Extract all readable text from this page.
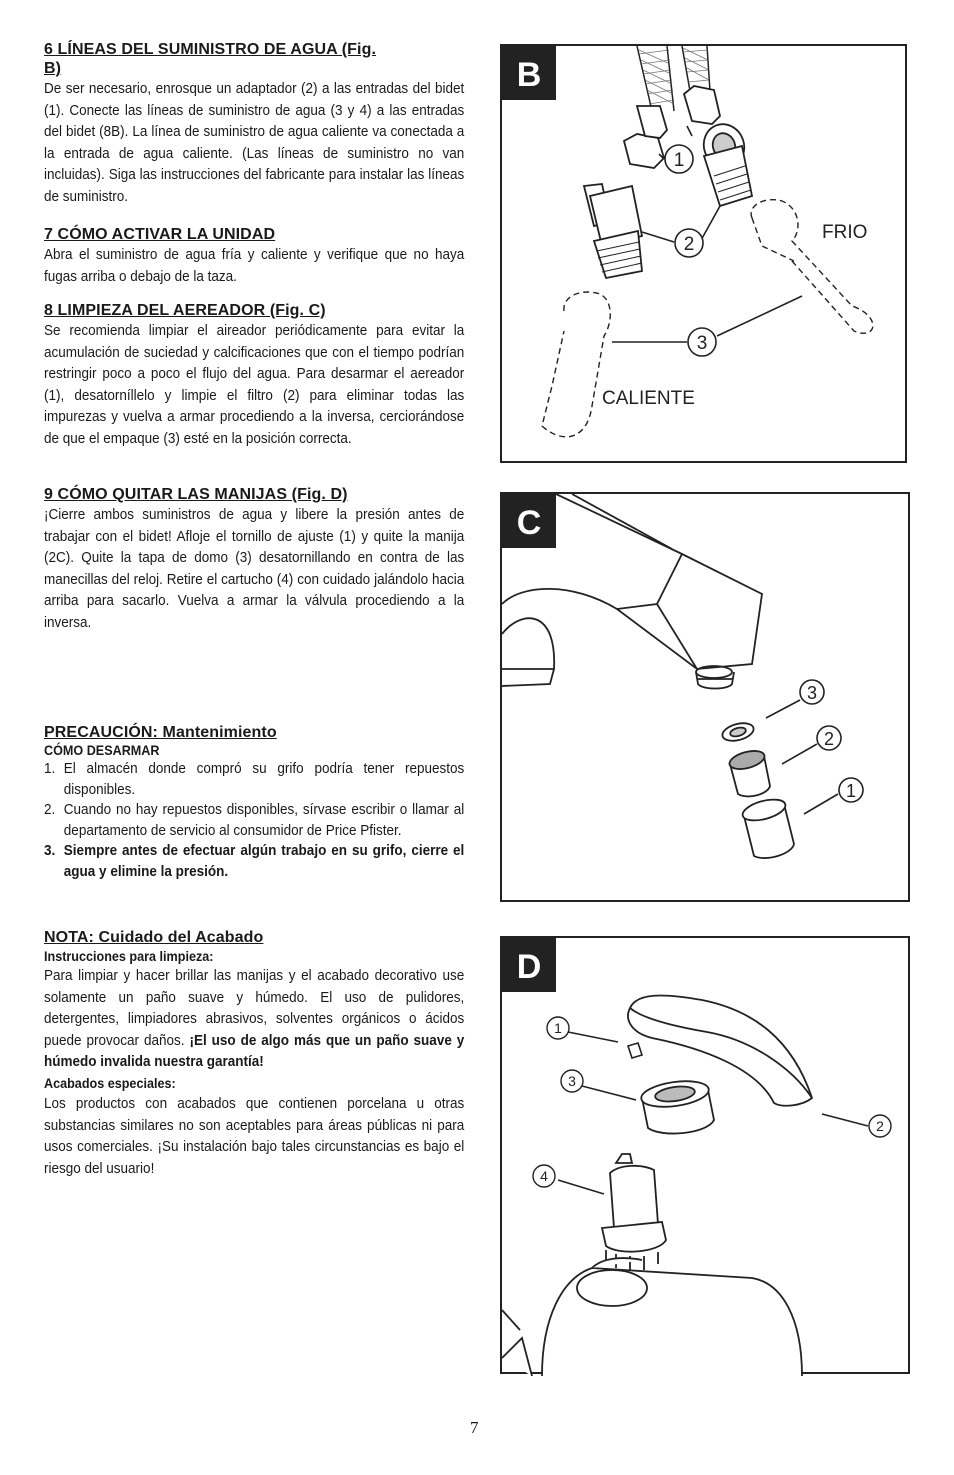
6 LÍNEAS DEL SUMINISTRO DE AGUA (Fig.
B)

De ser necesario, enrosque un adaptador (2) a las entradas del bidet (1). Conecte las líneas de suministro de agua (3 y 4) a las entradas del bidet (8B). La línea de suministro de agua caliente va conectada a la entrada de agua caliente. (Las líneas de suministro no van incluidas). Siga las instrucciones del fabricante para instalar las líneas de suministro.

7 CÓMO ACTIVAR LA UNIDAD

Abra el suministro de agua fría y caliente y verifique que no haya fugas arriba o debajo de la taza.

8 LIMPIEZA DEL AEREADOR (Fig. C)

Se recomienda limpiar el aireador periódicamente para evitar la acumulación de suciedad y calcificaciones que con el tiempo podrían restringir poco a poco el flujo del agua. Para desarmar el aereador (1), desatorníllelo y limpie el filtro (2) para eliminar todas las impurezas y vuelva a armar procediendo a la inversa, cerciorándose de que el empaque (3) esté en la posición correcta.

9 CÓMO QUITAR LAS MANIJAS (Fig. D)

¡Cierre ambos suministros de agua y libere la presión antes de trabajar con el bidet! Afloje el tornillo de ajuste (1) y quite la manija (2C). Quite la tapa de domo (3) desatornillando en contra de las manecillas del reloj. Retire el cartucho (4) con cuidado jalándolo hacia arriba para sacarlo. Vuelva a armar la válvula procediendo a la inversa.

PRECAUCIÓN: Mantenimiento

CÓMO DESARMAR

1. El almacén donde compró su grifo podría tener repuestos disponibles.
2. Cuando no hay repuestos disponibles, sírvase escribir o llamar al departamento de servicio al consumidor de Price Pfister.
3. Siempre antes de efectuar algún trabajo en su grifo, cierre el agua y elimine la presión.

NOTA: Cuidado del Acabado

Instrucciones para limpieza:

Para limpiar y hacer brillar las manijas y el acabado decorativo use solamente un paño suave y húmedo. El uso de pulidores, detergentes, limpiadores abrasivos, solventes orgánicos o ácidos puede provocar daños. ¡El uso de algo más que un paño suave y húmedo invalida nuestra garantía!

Acabados especiales:

Los productos con acabados que contienen porcelana u otras substancias similares no son aceptables para áreas públicas ni para usos comerciales. ¡Su instalación bajo tales circunstancias es bajo el riesgo del usuario!

B
1
2
3
FRIO
CALIENTE
C
3
2
1
D
1
3
2
4
7
